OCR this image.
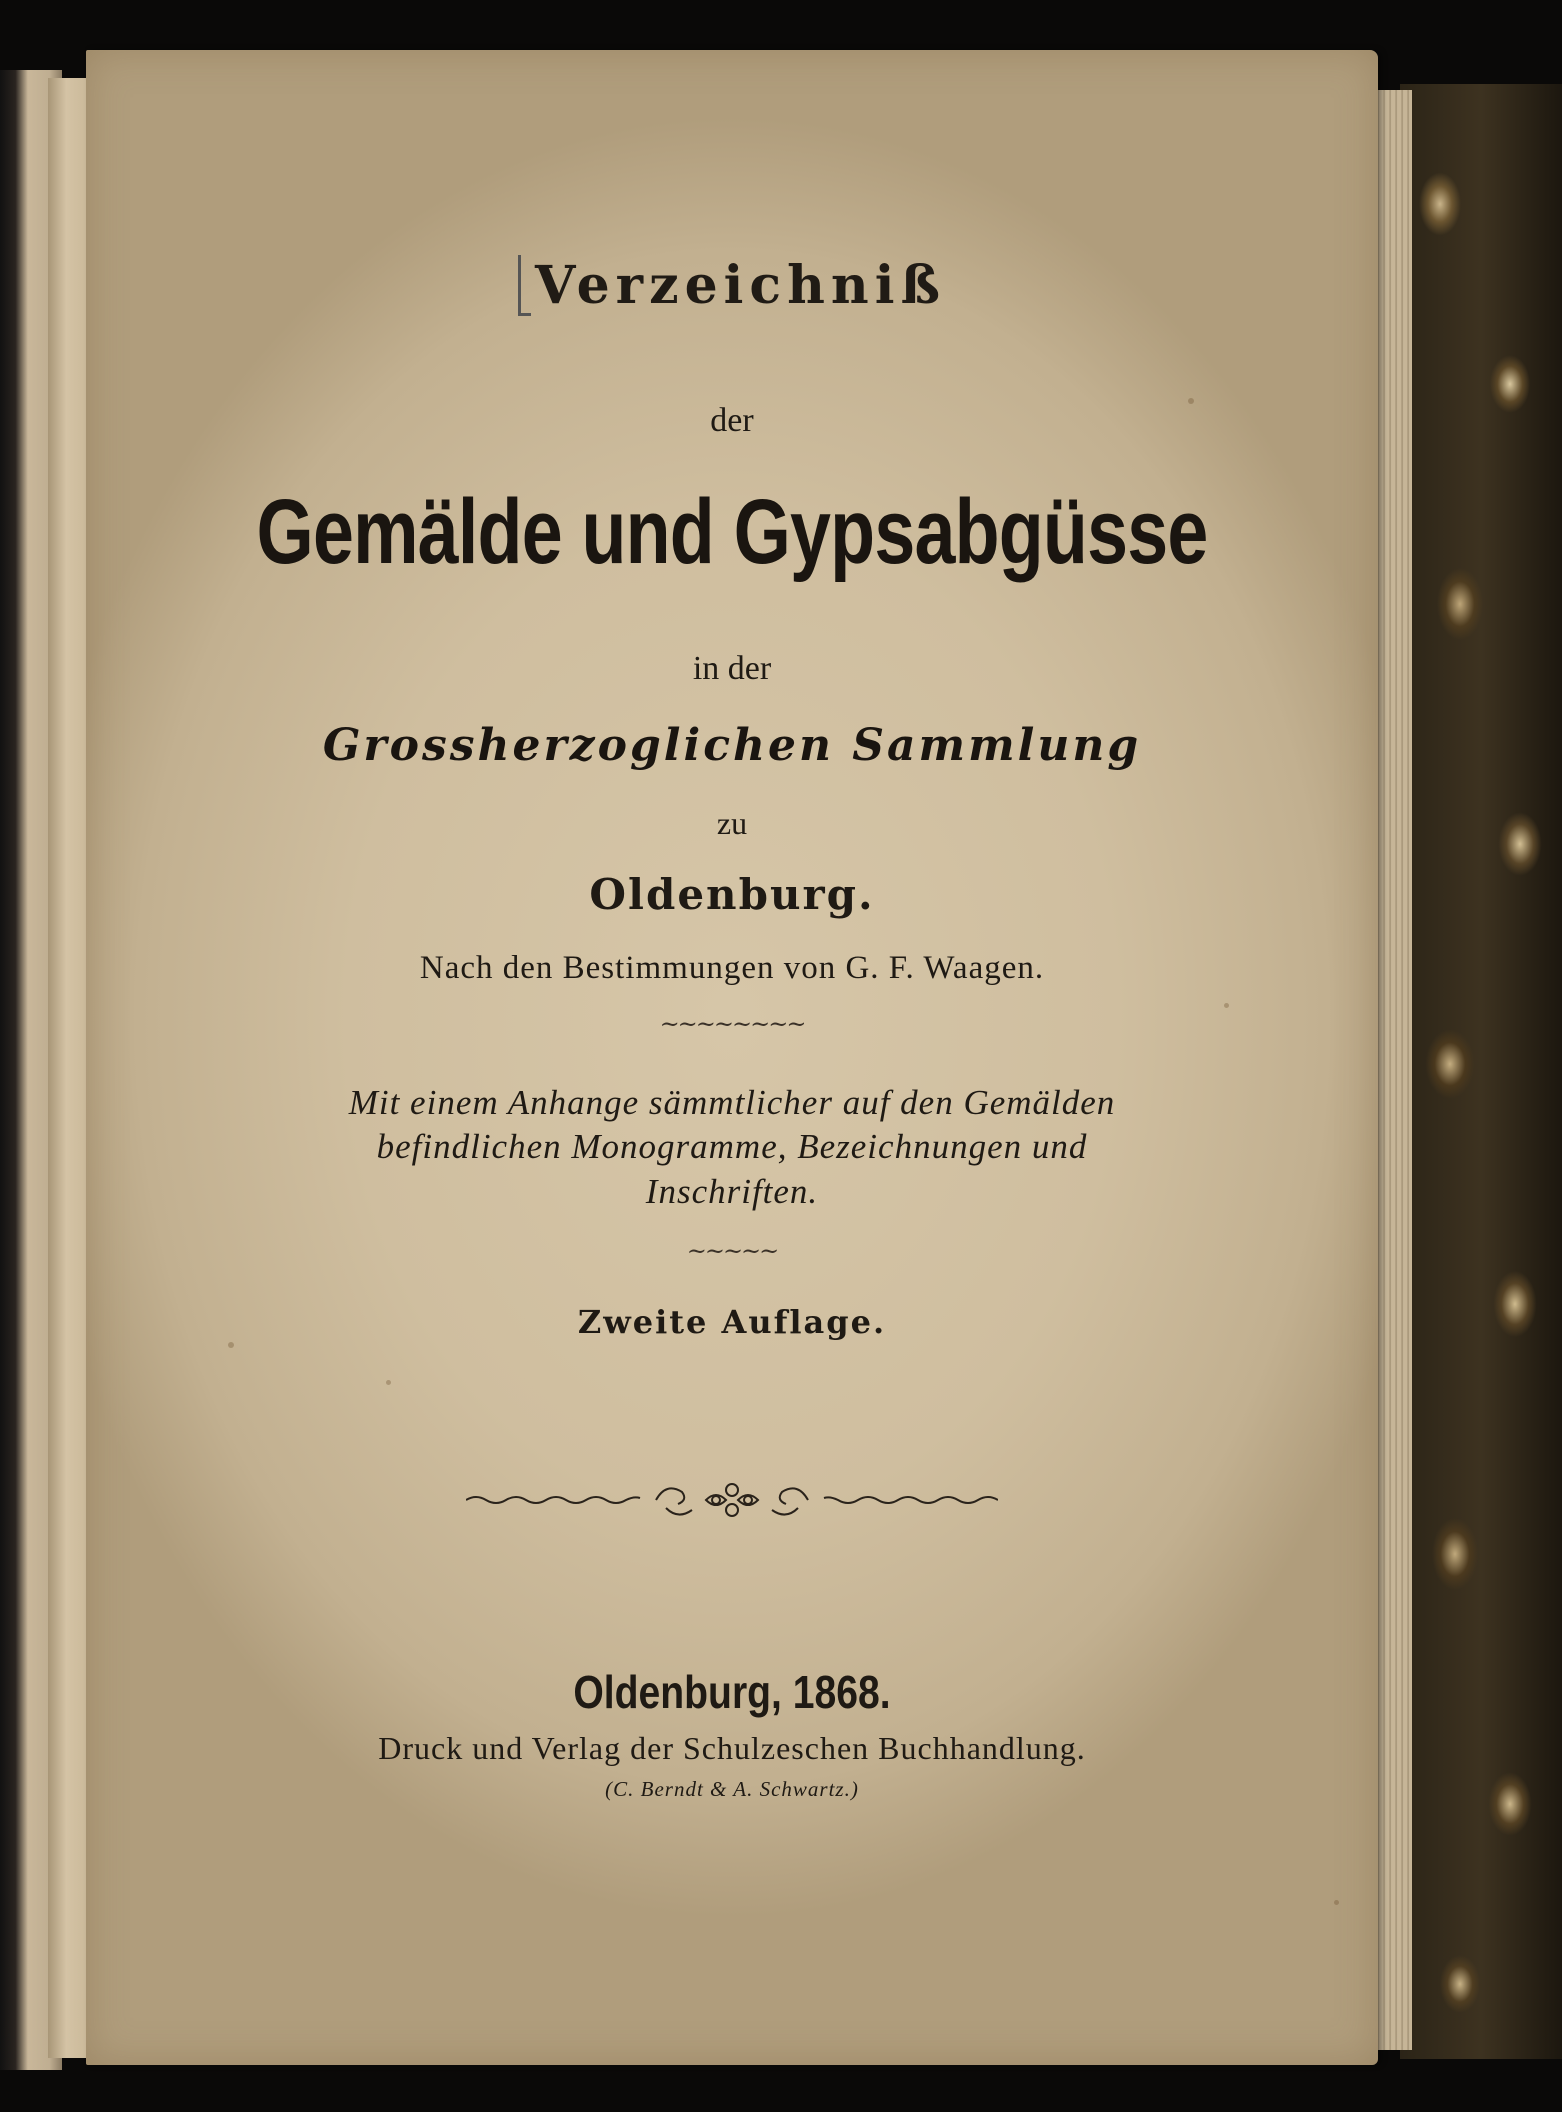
Verzeichniß
der
Gemälde und Gypsabgüsse
in der
Grossherzoglichen Sammlung
zu
Oldenburg.
Nach den Bestimmungen von G. F. Waagen.
~~~~~~~~
Mit einem Anhange sämmtlicher auf den Gemälden
befindlichen Monogramme, Bezeichnungen und
Inschriften.
~~~~~
Zweite Auflage.
Oldenburg, 1868.
Druck und Verlag der Schulzeschen Buchhandlung.
(C. Berndt & A. Schwartz.)
